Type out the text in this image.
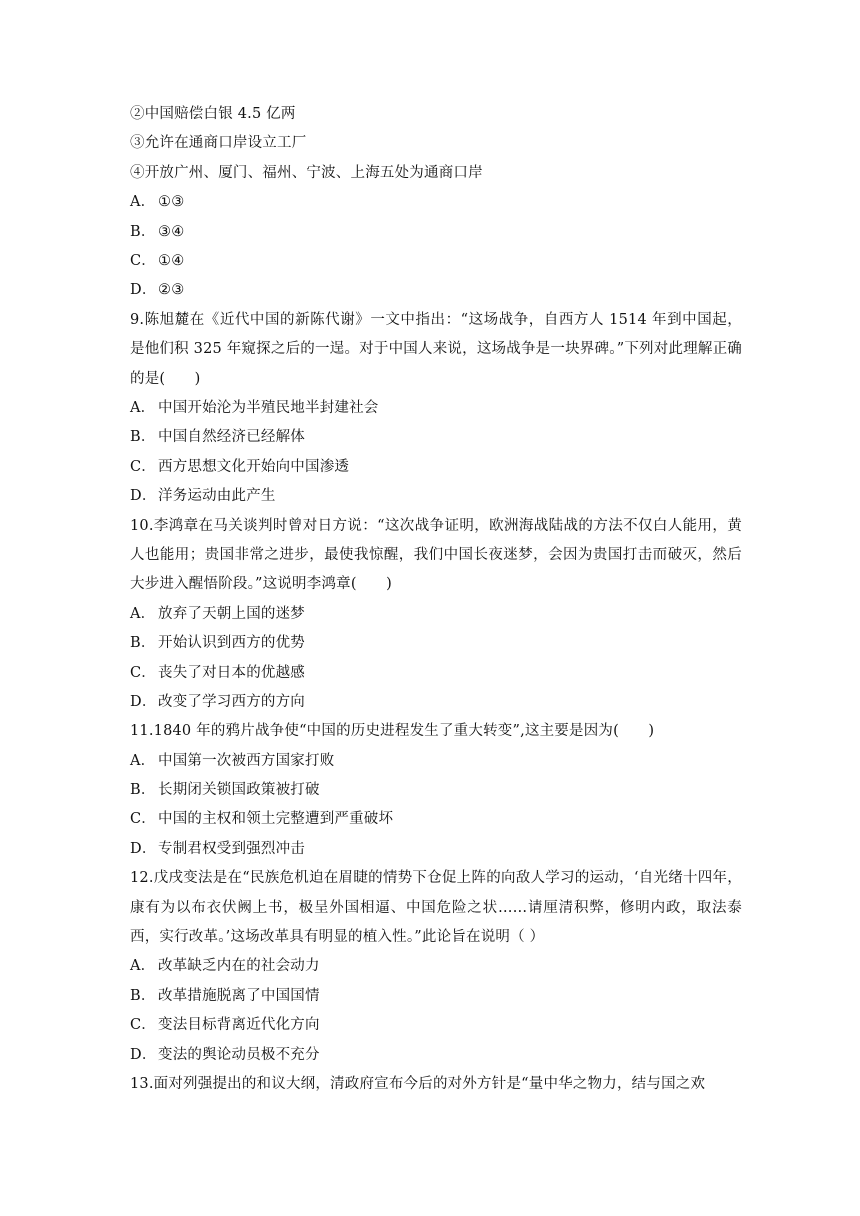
②中国赔偿白银 4.5 亿两
③允许在通商口岸设立工厂
④开放广州、厦门、福州、宁波、上海五处为通商口岸
A． ①③
B． ③④
C． ①④
D．②③
9.陈旭麓在《近代中国的新陈代谢》一文中指出：“这场战争，自西方人 1514 年到中国起，是他们积 325 年窥探之后的一逞。对于中国人来说，这场战争是一块界碑。”下列对此理解正确的是(　　)
A． 中国开始沦为半殖民地半封建社会
B． 中国自然经济已经解体
C． 西方思想文化开始向中国渗透
D．洋务运动由此产生
10.李鸿章在马关谈判时曾对日方说：“这次战争证明，欧洲海战陆战的方法不仅白人能用，黄人也能用；贵国非常之进步，最使我惊醒，我们中国长夜迷梦，会因为贵国打击而破灭，然后大步进入醒悟阶段。”这说明李鸿章(　　)
A． 放弃了天朝上国的迷梦
B． 开始认识到西方的优势
C． 丧失了对日本的优越感
D．改变了学习西方的方向
11.1840 年的鸦片战争使“中国的历史进程发生了重大转变”,这主要是因为(　　)
A． 中国第一次被西方国家打败
B． 长期闭关锁国政策被打破
C． 中国的主权和领土完整遭到严重破坏
D．专制君权受到强烈冲击
12.戊戌变法是在“民族危机迫在眉睫的情势下仓促上阵的向敌人学习的运动，‘自光绪十四年，康有为以布衣伏阙上书，极呈外国相逼、中国危险之状……请厘清积弊，修明内政，取法泰西，实行改革。’这场改革具有明显的植入性。”此论旨在说明（ ）
A． 改革缺乏内在的社会动力
B． 改革措施脱离了中国国情
C． 变法目标背离近代化方向
D．变法的舆论动员极不充分
13.面对列强提出的和议大纲，清政府宣布今后的对外方针是“量中华之物力，结与国之欢
